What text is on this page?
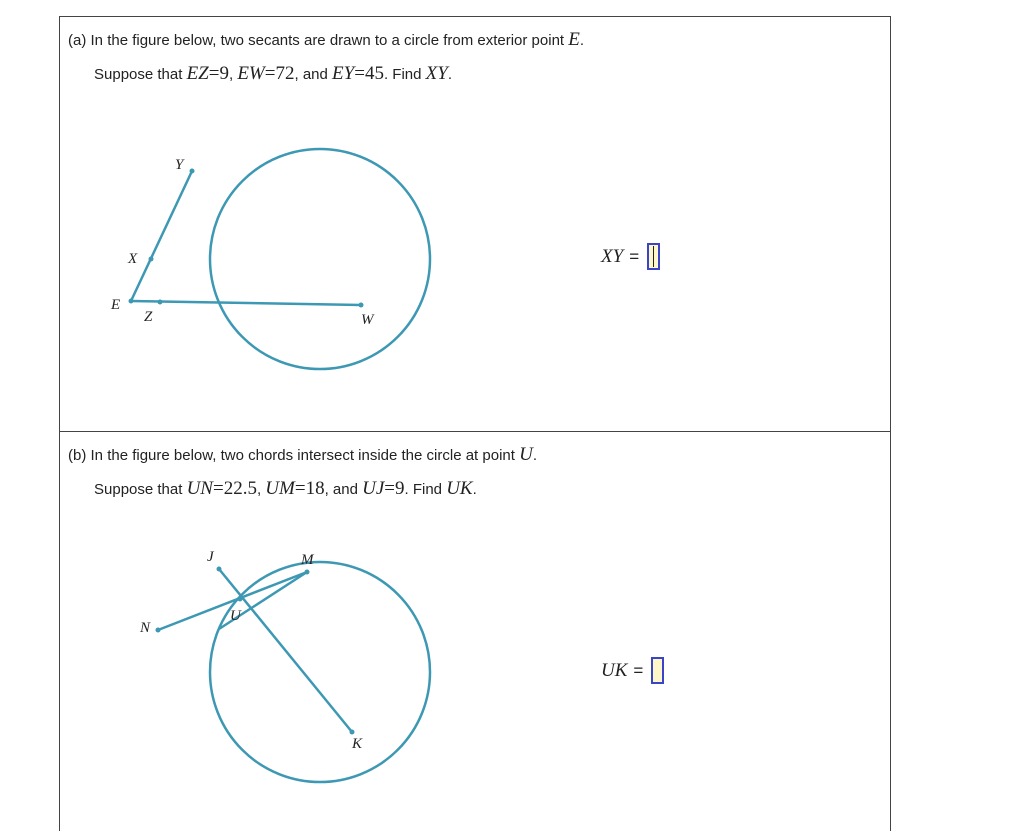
(a) In the figure below, two secants are drawn to a circle from exterior point E.
Suppose that EZ=9, EW=72, and EY=45. Find XY.
Y
X
E
Z	W
XY =
(b) In the figure below, two chords intersect inside the circle at point U.
Suppose that UN=22.5, UM=18, and UJ=9. Find UK.
J	M
U
N
K
UK =
